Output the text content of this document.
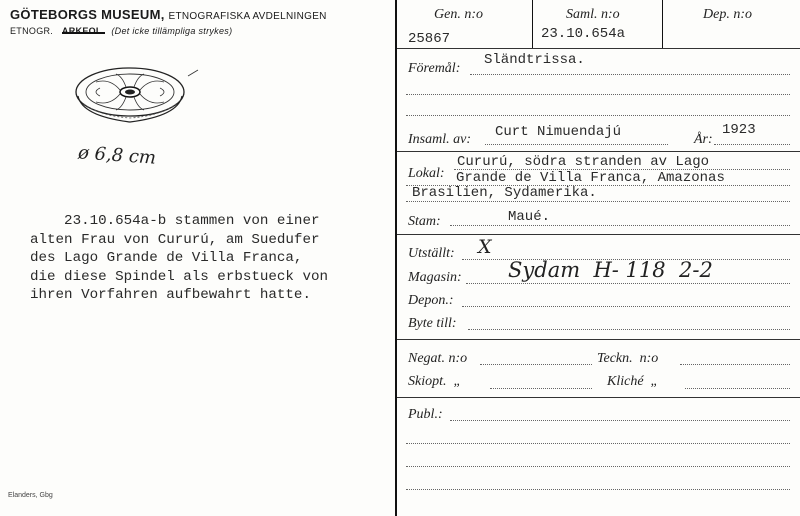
GÖTEBORGS MUSEUM, ETNOGRAFISKA AVDELNINGEN
ETNOGR. ARKEOL. (Det icke tillämpliga strykes)
ø 6,8 cm
23.10.654a-b stammen von einer
alten Frau von Cururú, am Suedufer
des Lago Grande de Villa Franca,
die diese Spindel als erbstueck von
ihren Vorfahren aufbewahrt hatte.
Elanders, Gbg
Gen. n:o
25867
Saml. n:o
23.10.654a
Dep. n:o
Föremål:
Sländtrissa.
Insaml. av: Curt Nimuendajú	År:
1923
Lokal:
Cururú, södra stranden av Lago
Grande de Villa Franca, Amazonas
Brasilien, Sydamerika.
Stam:	Maué.
Utställt: X
Magasin: Sydam  H- 118  2-2
Depon.:
Byte till:
Negat. n:o	Teckn.  n:o
Skiopt.  „	Kliché  „
Publ.:
